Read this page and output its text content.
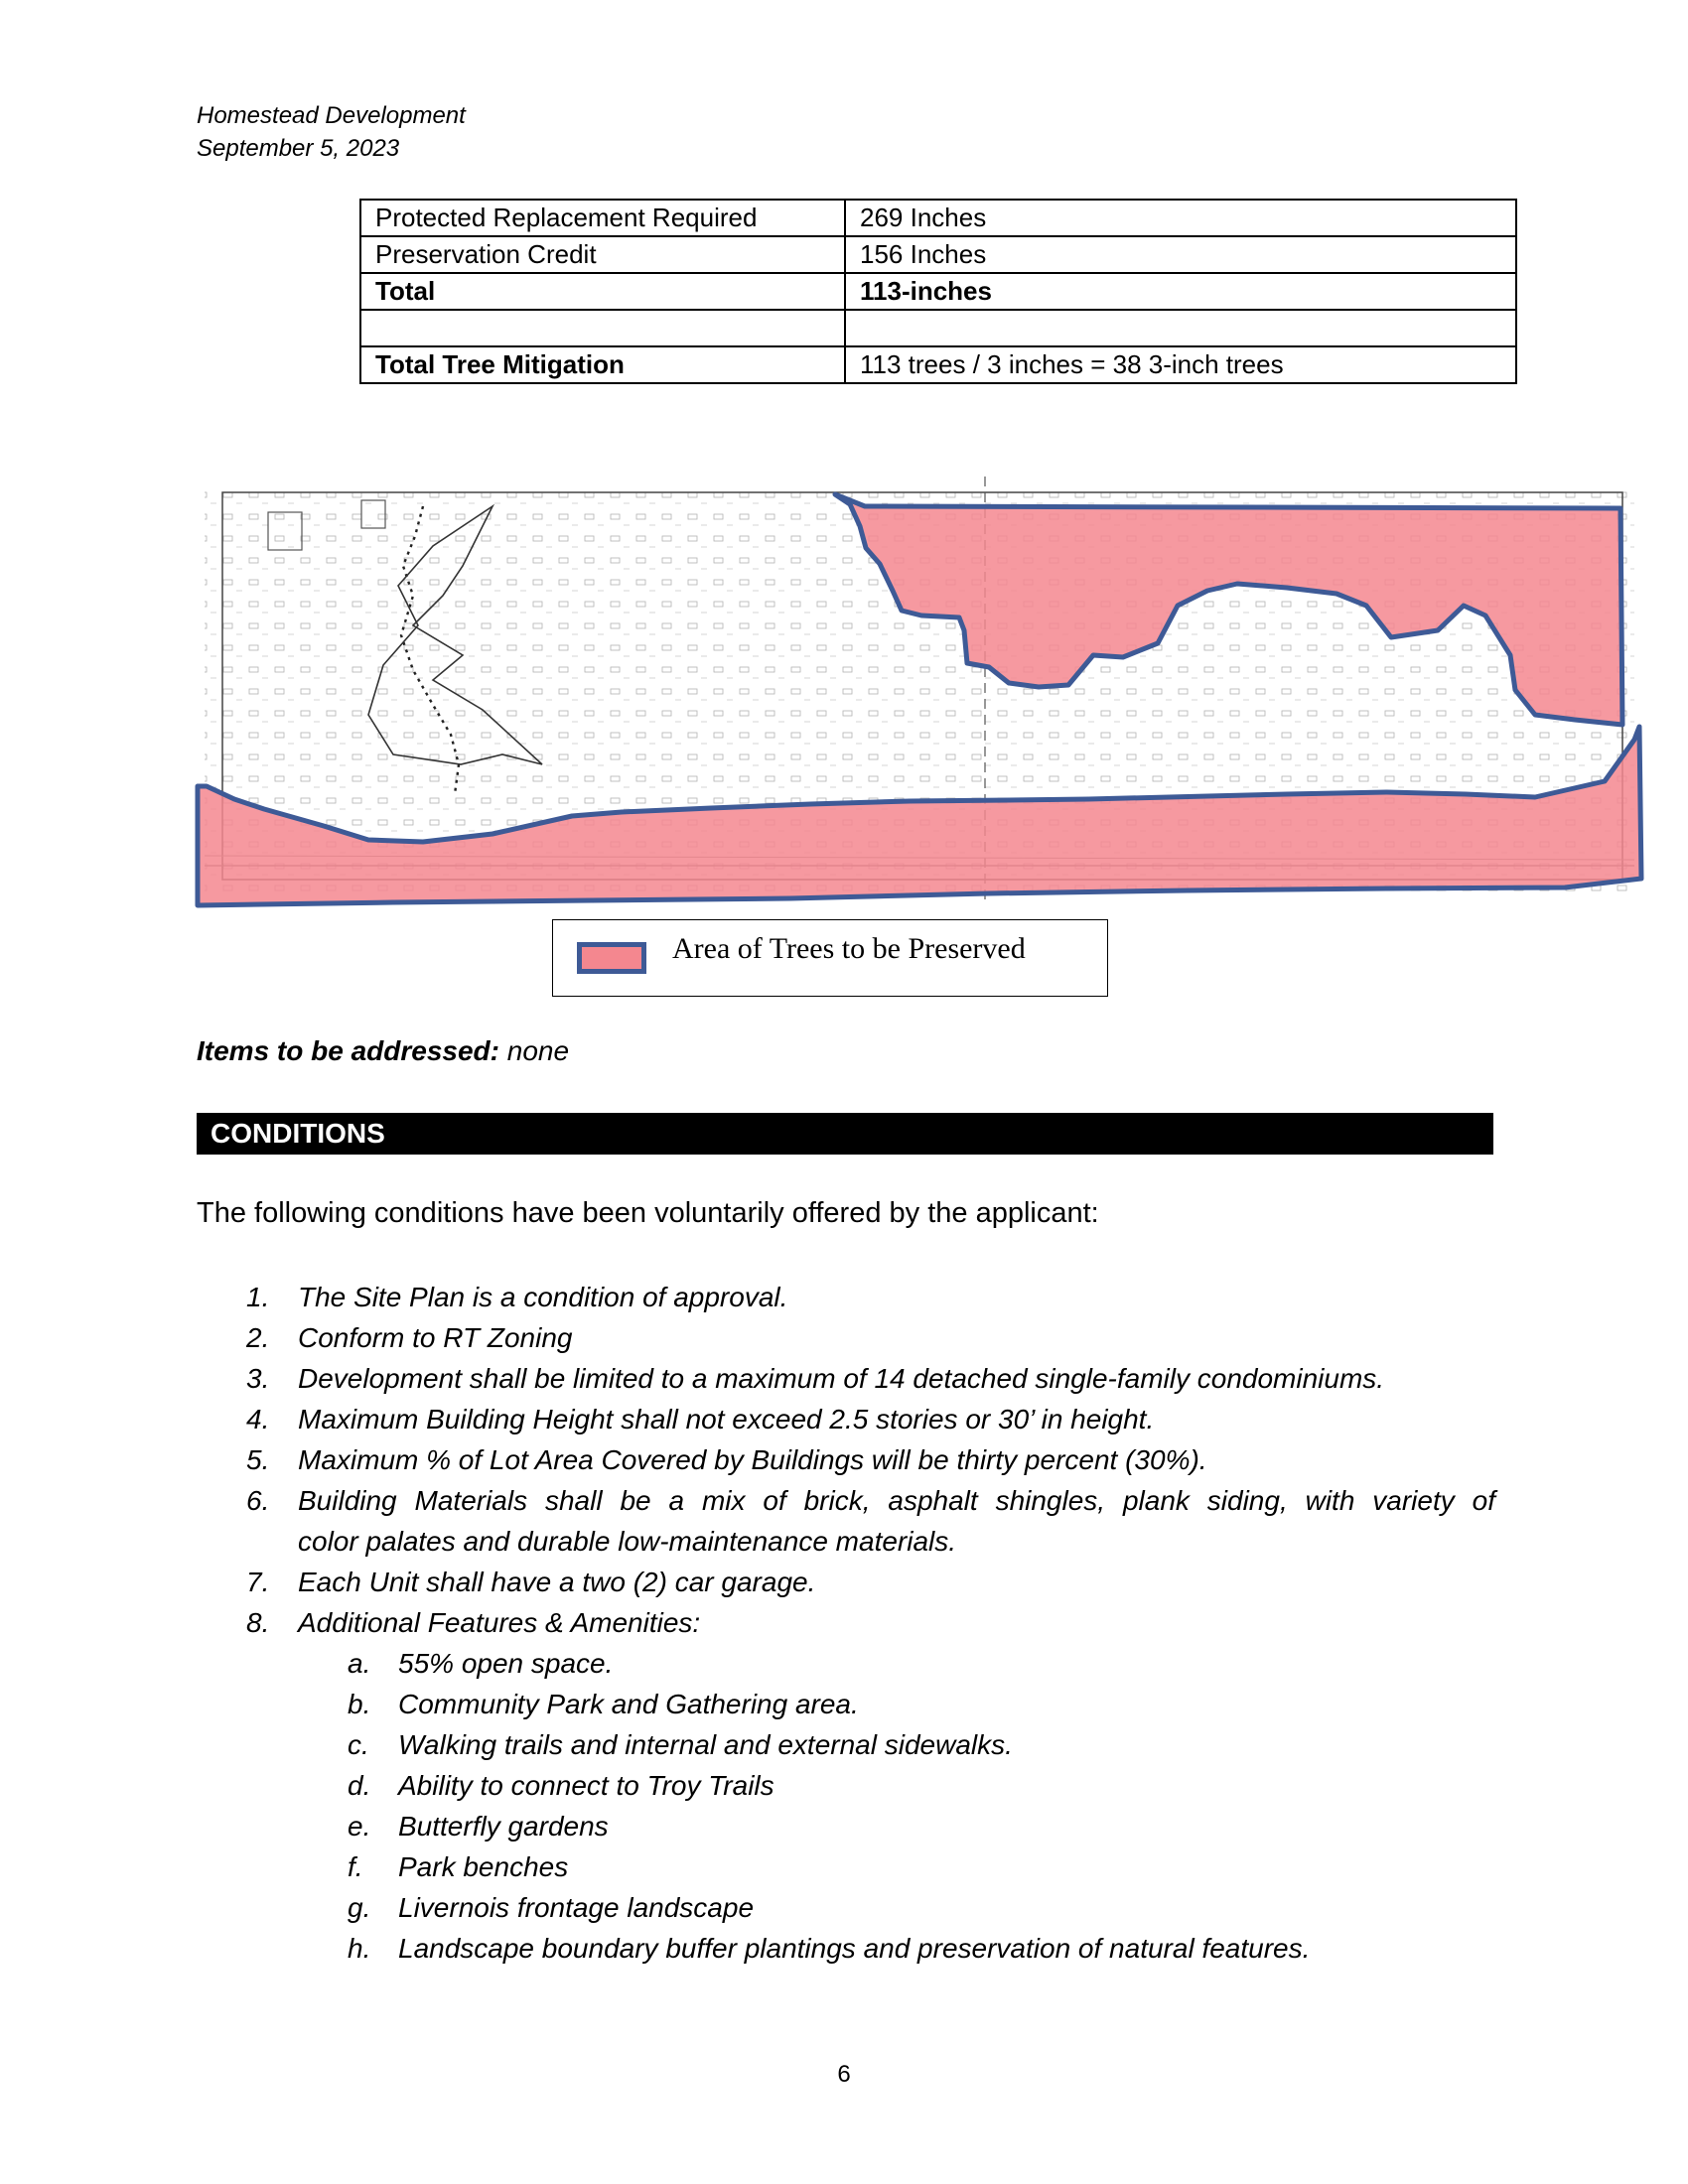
Homestead Development
September 5, 2023
Protected Replacement Required	269 Inches
Preservation Credit	156 Inches
Total	113-inches

Total Tree Mitigation	113 trees / 3 inches = 38 3-inch trees
Area of Trees to be Preserved
Items to be addressed: none
CONDITIONS
The following conditions have been voluntarily offered by the applicant:
1. The Site Plan is a condition of approval.
2. Conform to RT Zoning
3. Development shall be limited to a maximum of 14 detached single-family condominiums.
4. Maximum Building Height shall not exceed 2.5 stories or 30’ in height.
5. Maximum % of Lot Area Covered by Buildings will be thirty percent (30%).
6. Building Materials shall be a mix of brick, asphalt shingles, plank siding, with variety of
color palates and durable low-maintenance materials.
7. Each Unit shall have a two (2) car garage.
8. Additional Features & Amenities:
a. 55% open space.
b. Community Park and Gathering area.
c. Walking trails and internal and external sidewalks.
d. Ability to connect to Troy Trails
e. Butterfly gardens
f. Park benches
g. Livernois frontage landscape
h. Landscape boundary buffer plantings and preservation of natural features.
6
